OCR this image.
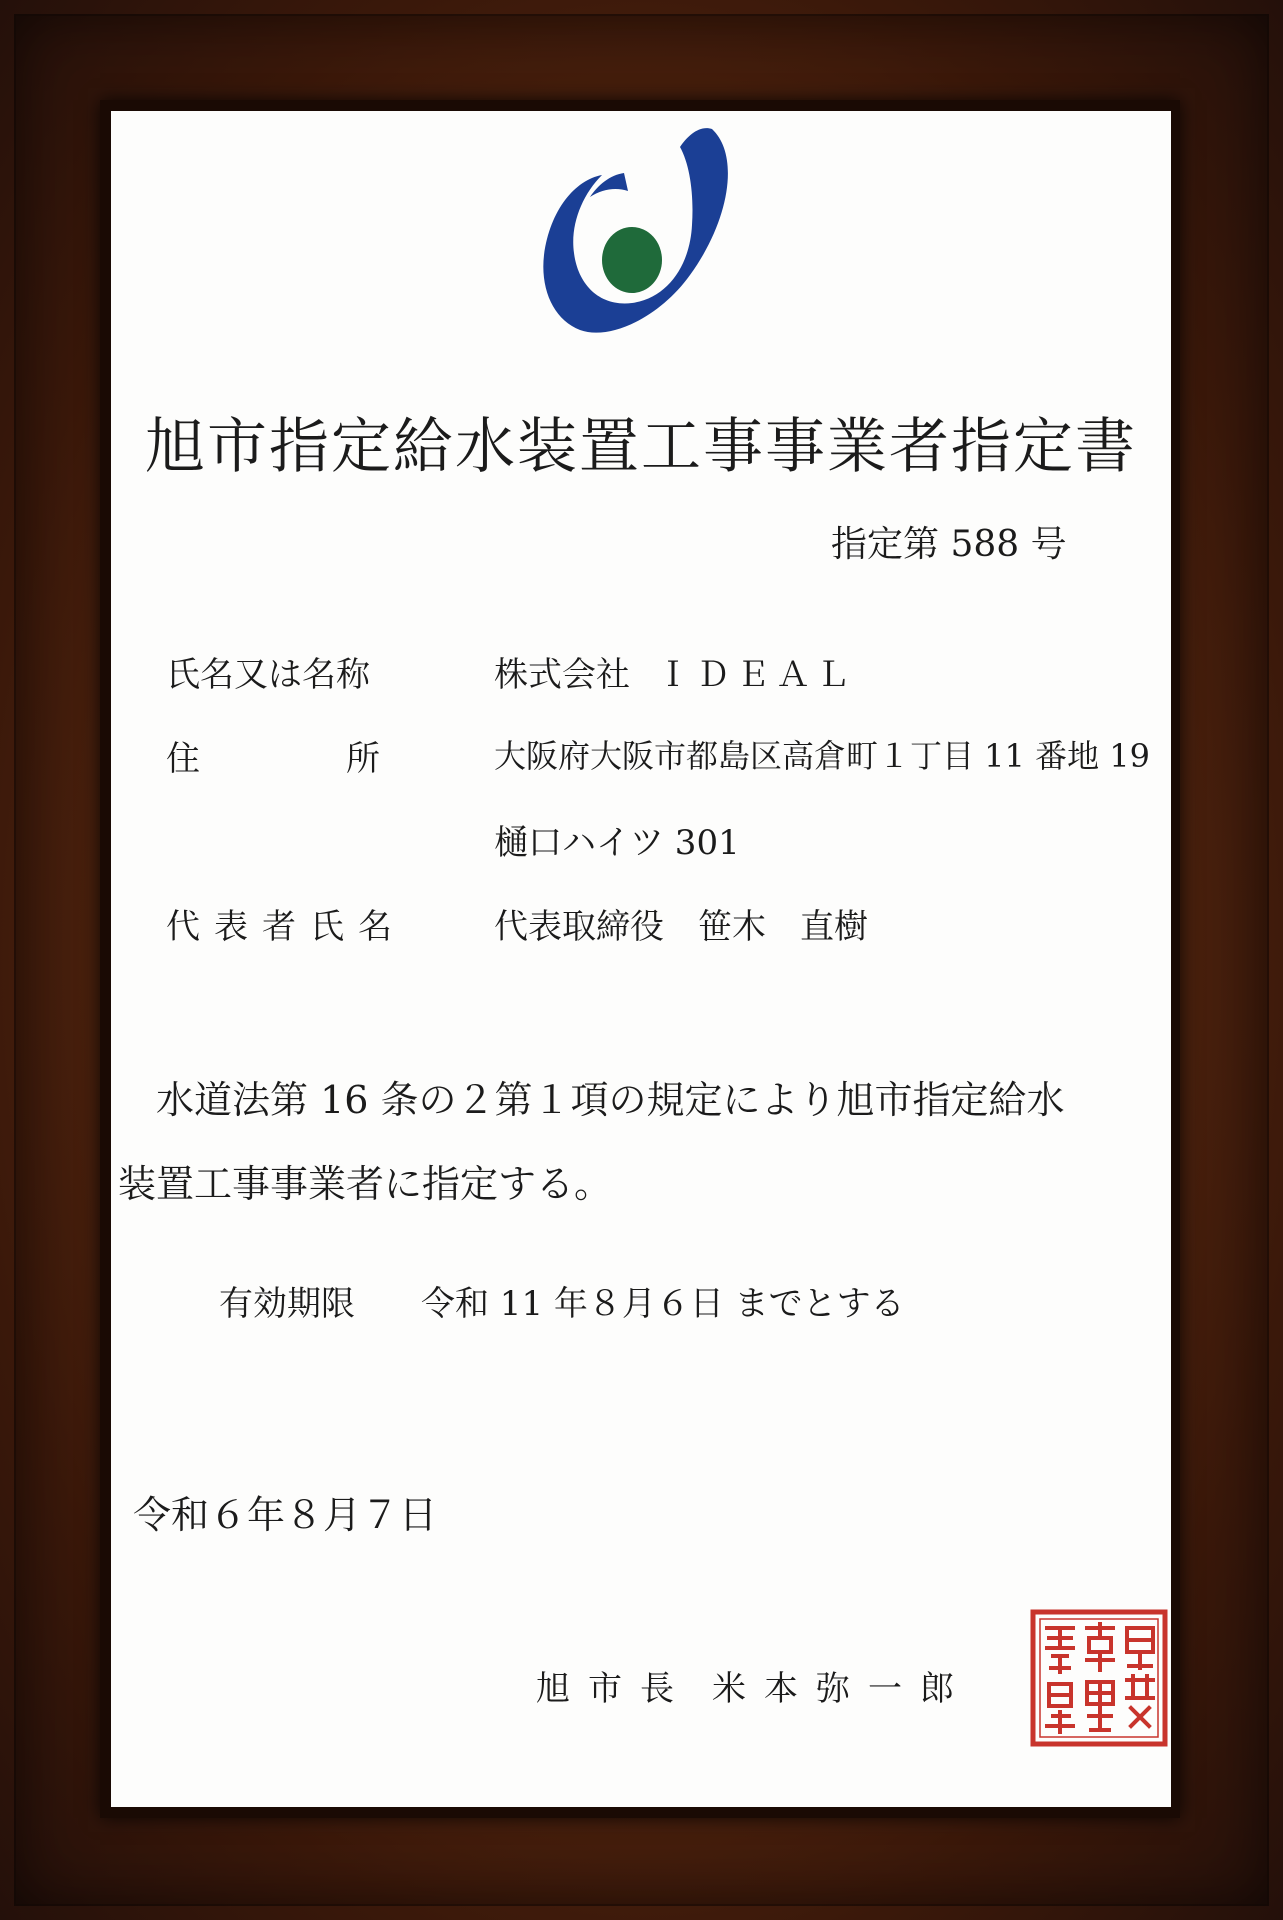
旭市指定給水装置工事事業者指定書
指定第 588 号
氏名又は名称	株式会社 ＩＤＥＡＬ
住	所	大阪府大阪市都島区高倉町１丁目 11 番地 19
樋口ハイツ 301
代表者氏名	代表取締役　笹木　直樹
水道法第 16 条の２第１項の規定により旭市指定給水
装置工事事業者に指定する。
有効期限 令和 11 年８月６日 までとする
令和６年８月７日
旭市長 米本弥一郎
